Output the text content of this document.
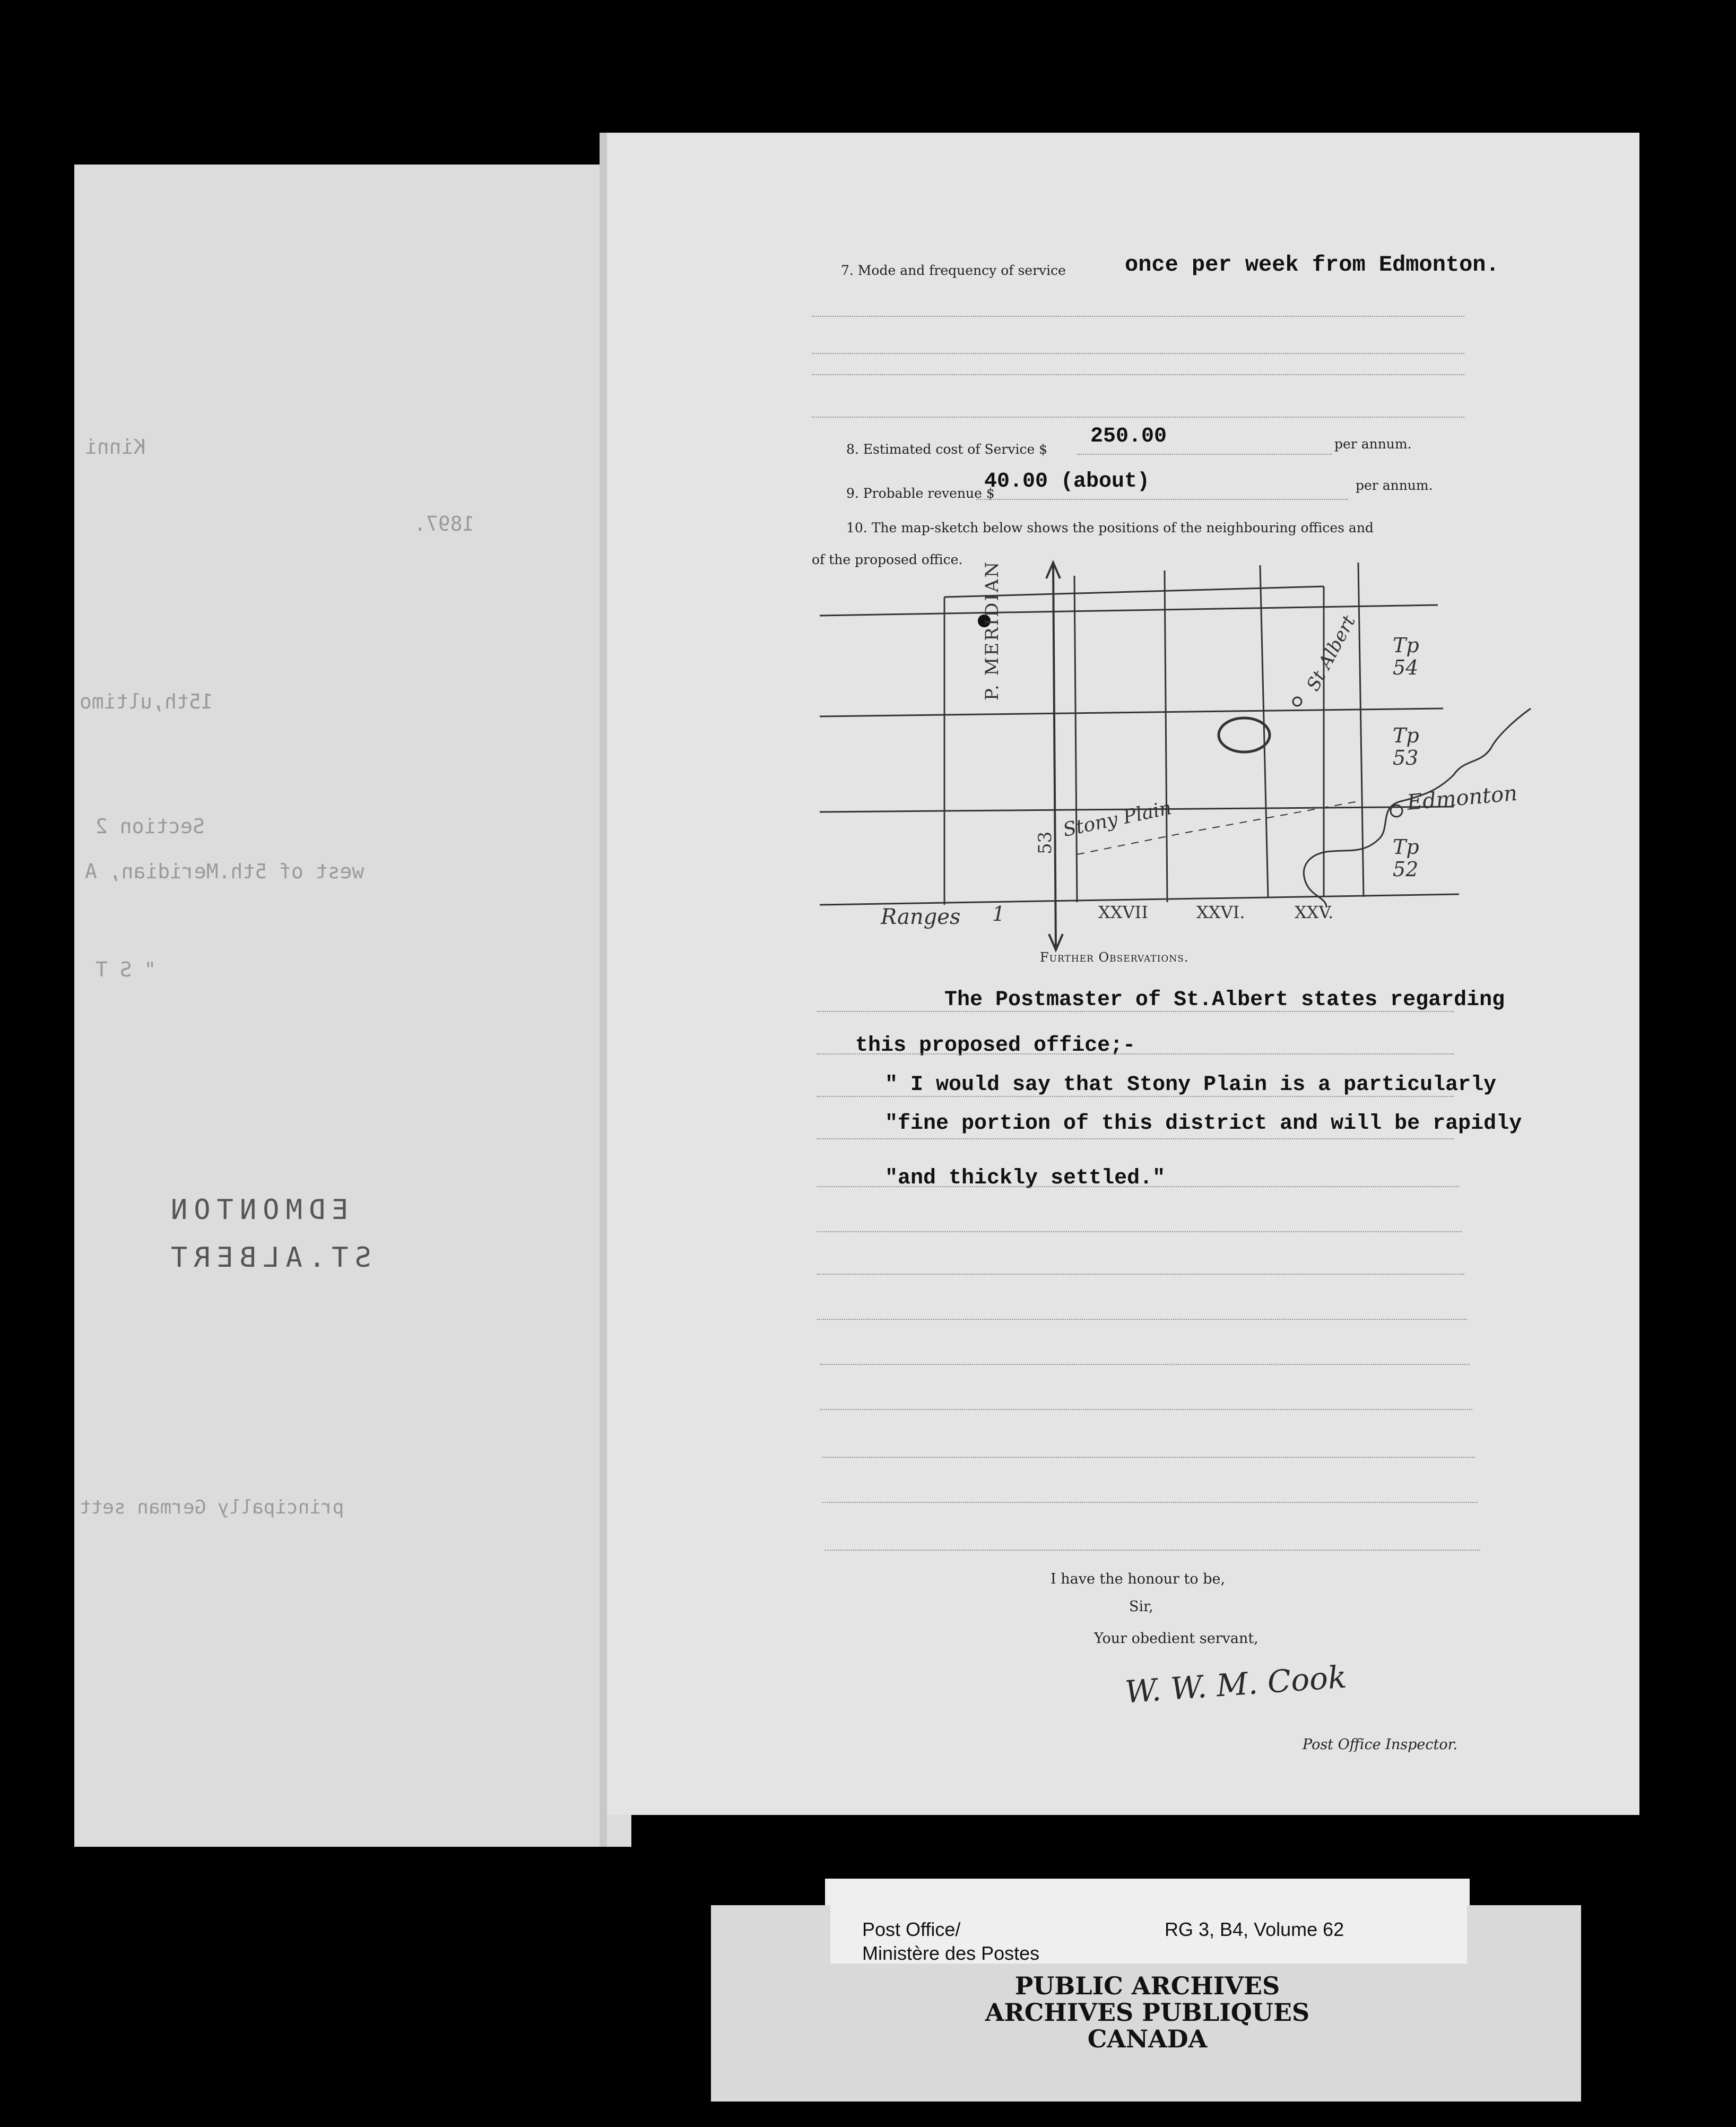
Kinni
1897.
15th,ultimo
Section 2
west of 5th.Meridian, A
" S T
EDMONTON
ST.ALBERT
principally German sett
7. Mode and frequency of service	once per week from Edmonton.
8. Estimated cost of Service $
250.00	per annum.
9. Probable revenue $
40.00 (about)	per annum.
10. The map-sketch below shows the positions of the neighbouring offices and
of the proposed office.
P. MERIDIAN
Stony Plain
53
St Albert
Edmonton
Tp 54
Tp 53
Tp 52
Ranges 1	XXVII	XXVI.	XXV.
Further Observations.
The Postmaster of St.Albert states regarding
this proposed office;-
" I would say that Stony Plain is a particularly
"fine portion of this district and will be rapidly
"and thickly settled."
I have the honour to be,
Sir,
Your obedient servant,
W. W. M. Cook
Post Office Inspector.
Post Office/
Ministère des Postes
RG 3, B4, Volume 62
PUBLIC ARCHIVES
ARCHIVES PUBLIQUES
CANADA
